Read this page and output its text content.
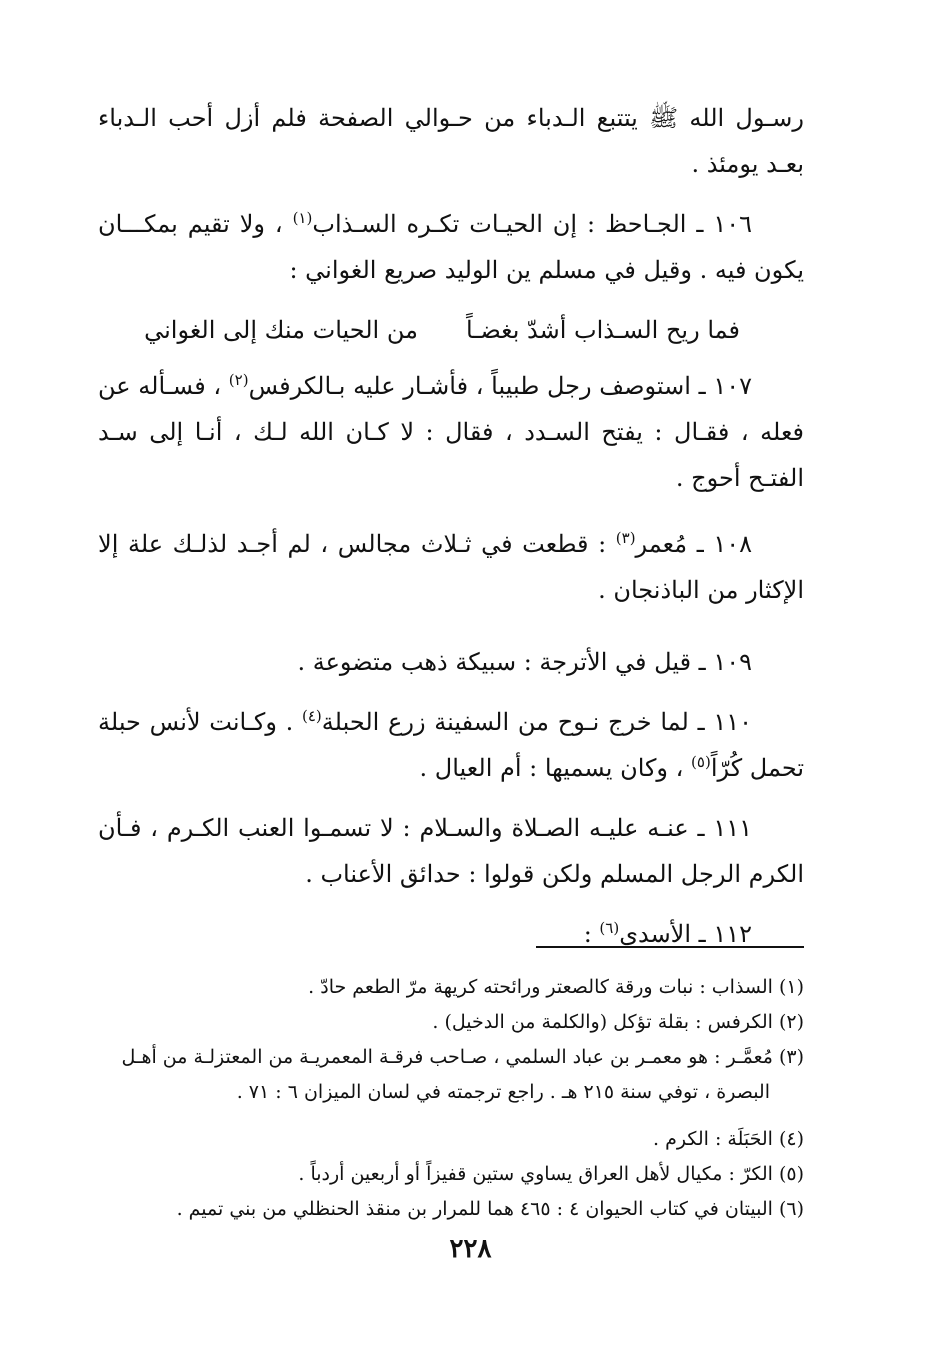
رسـول الله ﷺ يتتبع الـدباء من حـوالي الصفحة فلم أزل أحب الـدباء بعـد يومئذ .

١٠٦ ـ الجـاحظ : إن الحيـات تكـره السـذاب$^{(١)}$ ، ولا تقيم بمكـــان يكون فيه . وقيل في مسلم ين الوليد صريع الغواني :

فما ريح السـذاب أشدّ بغضـاً
من الحيات منك إلى الغواني

١٠٧ ـ استوصف رجل طبيباً ، فأشـار عليه بـالكرفس$^{(٢)}$ ، فسـأله عن فعله ، فقـال : يفتح السـدد ، فقال : لا كـان الله لـك ، أنـا إلى سـد الفتـح أحوج .

١٠٨ ـ مُعمر$^{(٣)}$ : قطعت في ثـلاث مجالس ، لم أجـد لذلـك علة إلا الإكثار من الباذنجان .

١٠٩ ـ قيل في الأترجة : سبيكة ذهب متضوعة .

١١٠ ـ لما خرج نـوح من السفينة زرع الحبلة$^{(٤)}$ . وكـانت لأنس حبلة تحمل كُرّاً$^{(٥)}$ ، وكان يسميها : أم العيال .

١١١ ـ عنـه عليـه الصـلاة والسـلام : لا تسمـوا العنب الكـرم ، فـأن الكرم الرجل المسلم ولكن قولوا : حدائق الأعناب .

١١٢ ـ الأسدي$^{(٦)}$ :

(١)السذاب : نبات ورقة كالصعتر ورائحته كريهة مرّ الطعم حادّ .

(٢)الكرفس : بقلة تؤكل (والكلمة من الدخيل) .

(٣)مُعمَّـر : هو معمـر بن عباد السلمي ، صـاحب فرقـة المعمريـة من المعتزلـة من أهـل
البصرة ، توفي سنة ٢١٥ هـ . راجع ترجمته في لسان الميزان ٦ : ٧١ .

(٤)الحَبَلَة : الكرم .

(٥)الكرّ : مكيال لأهل العراق يساوي ستين قفيزاً أو أربعين أردباً .

(٦)البيتان في كتاب الحيوان ٤ : ٤٦٥ هما للمرار بن منقذ الحنظلي من بني تميم .

٢٢٨
